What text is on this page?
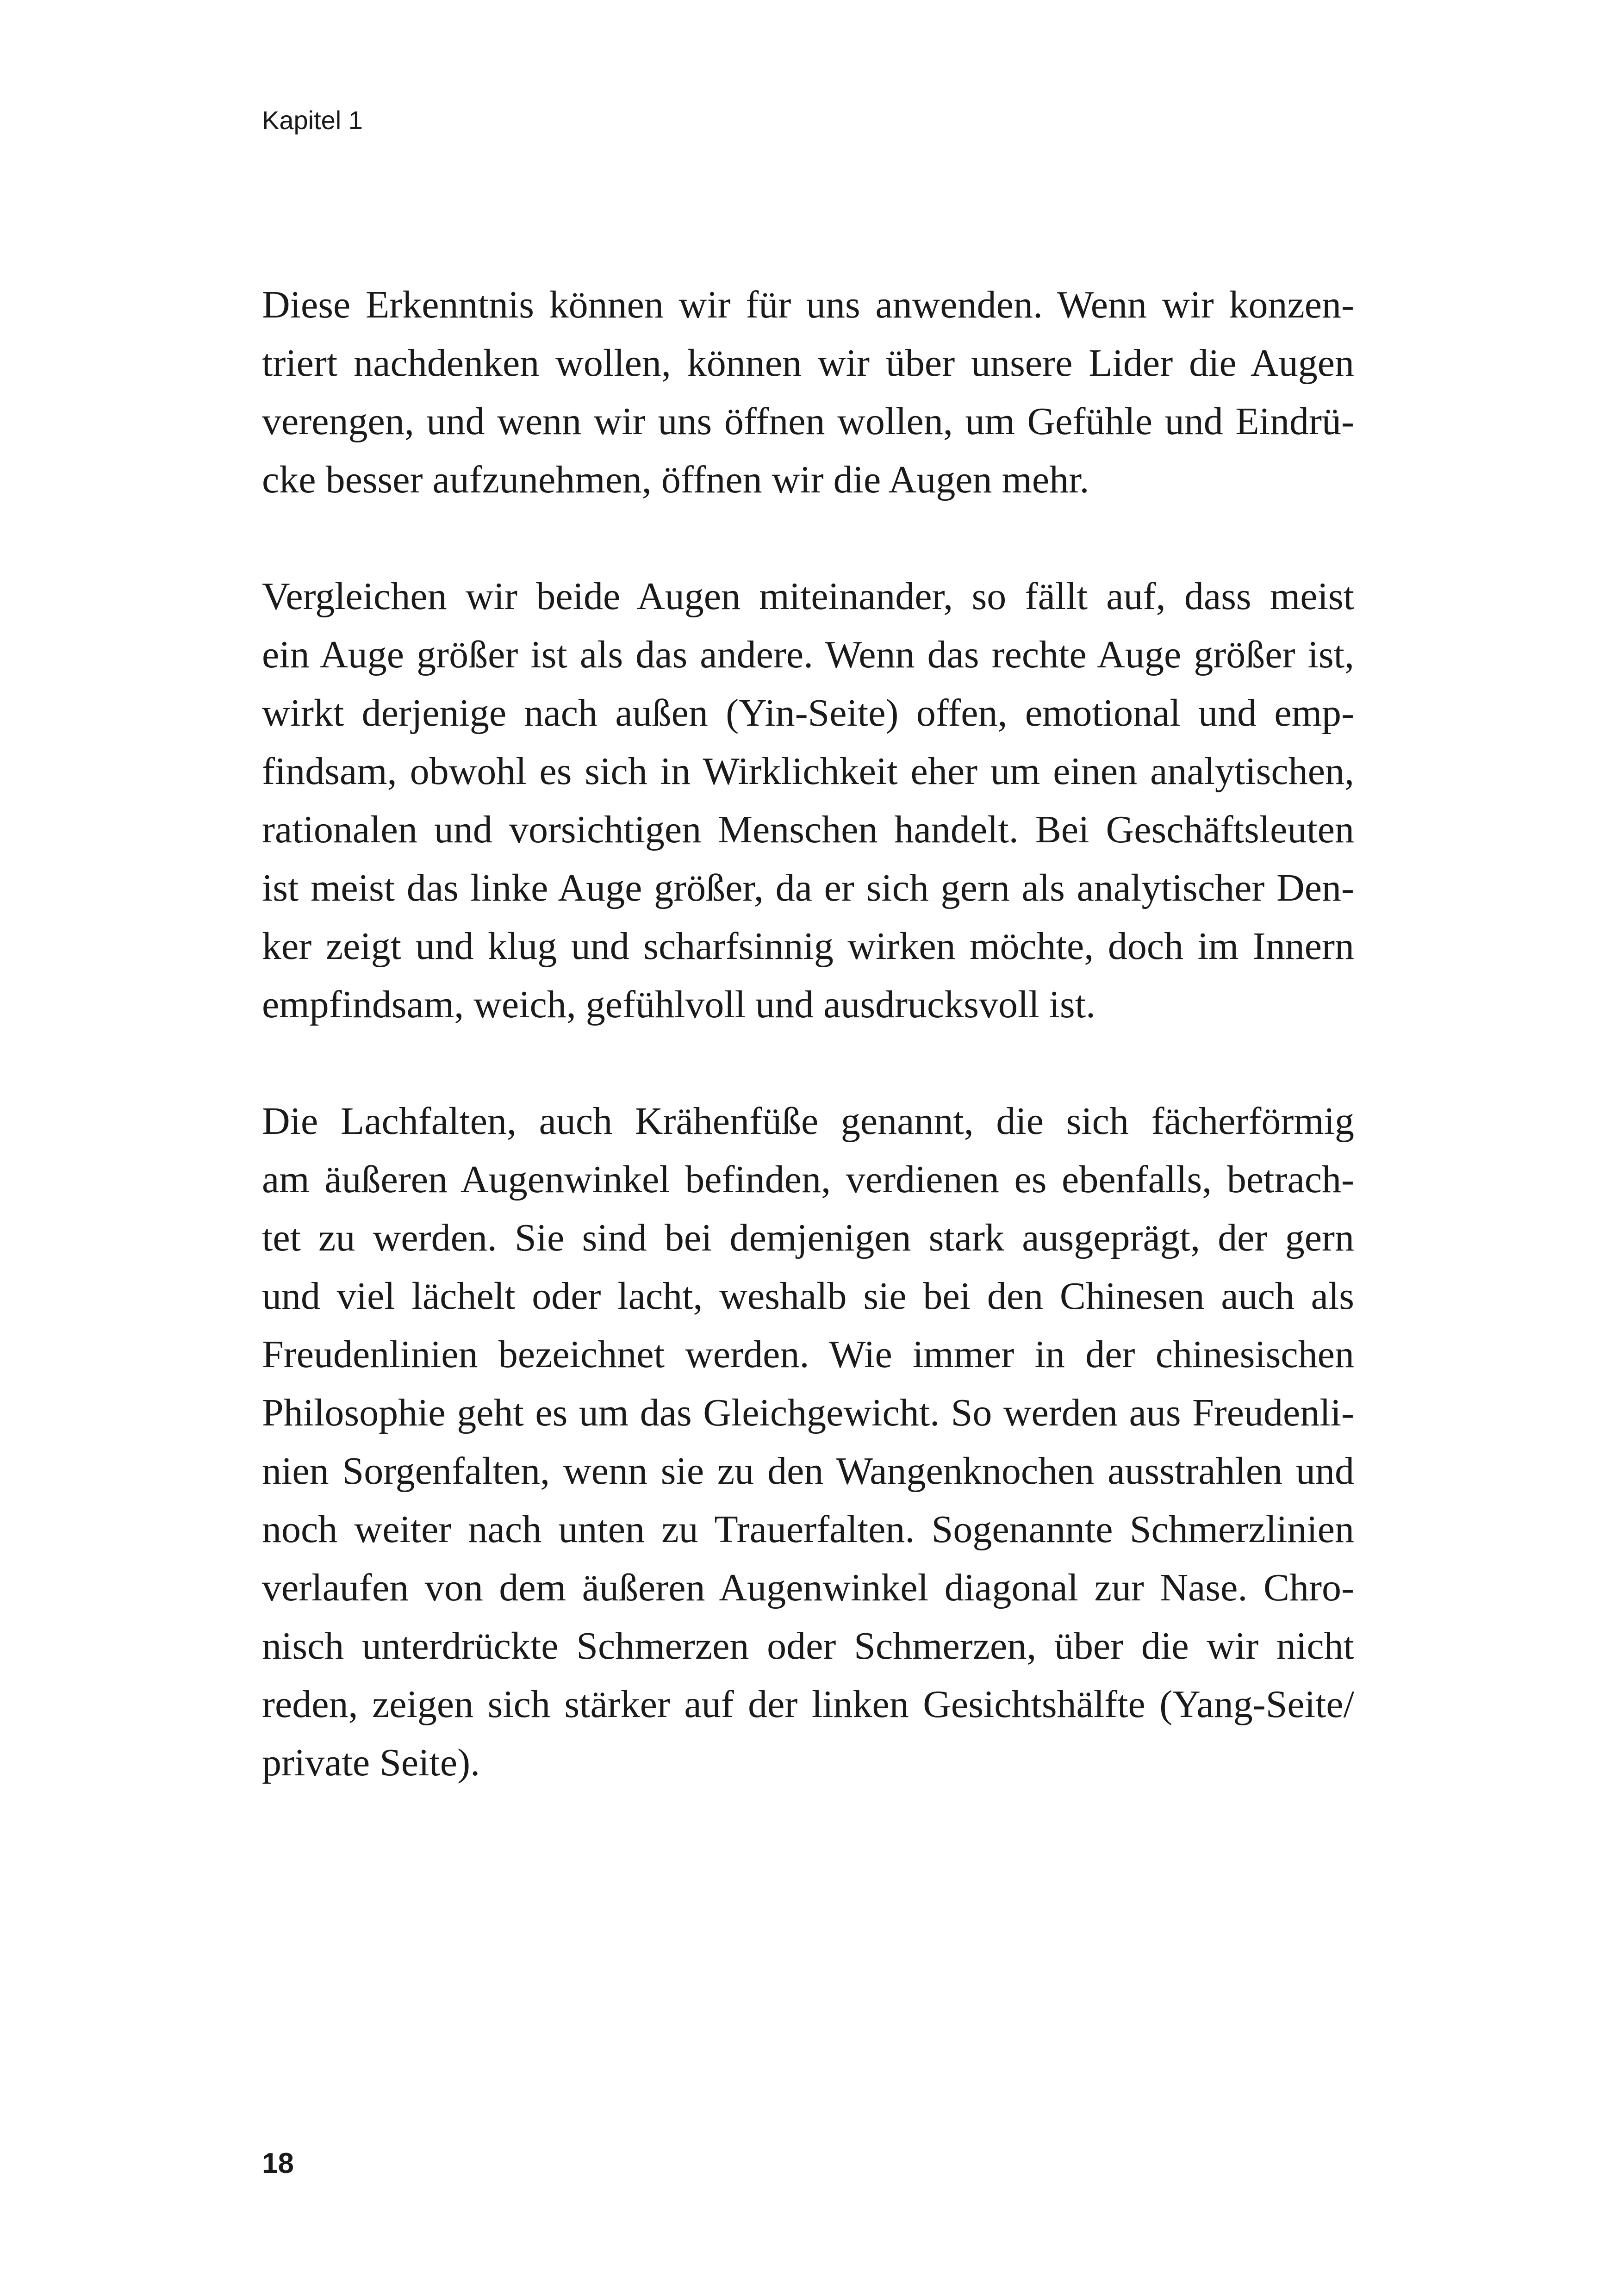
Kapitel 1

Diese Erkenntnis können wir für uns anwenden. Wenn wir konzen-
triert nachdenken wollen, können wir über unsere Lider die Augen
verengen, und wenn wir uns öffnen wollen, um Gefühle und Eindrü-
cke besser aufzunehmen, öffnen wir die Augen mehr.

Vergleichen wir beide Augen miteinander, so fällt auf, dass meist
ein Auge größer ist als das andere. Wenn das rechte Auge größer ist,
wirkt derjenige nach außen (Yin-Seite) offen, emotional und emp-
findsam, obwohl es sich in Wirklichkeit eher um einen analytischen,
rationalen und vorsichtigen Menschen handelt. Bei Geschäftsleuten
ist meist das linke Auge größer, da er sich gern als analytischer Den-
ker zeigt und klug und scharfsinnig wirken möchte, doch im Innern
empfindsam, weich, gefühlvoll und ausdrucksvoll ist.

Die Lachfalten, auch Krähenfüße genannt, die sich fächerförmig
am äußeren Augenwinkel befinden, verdienen es ebenfalls, betrach-
tet zu werden. Sie sind bei demjenigen stark ausgeprägt, der gern
und viel lächelt oder lacht, weshalb sie bei den Chinesen auch als
Freudenlinien bezeichnet werden. Wie immer in der chinesischen
Philosophie geht es um das Gleichgewicht. So werden aus Freudenli-
nien Sorgenfalten, wenn sie zu den Wangenknochen ausstrahlen und
noch weiter nach unten zu Trauerfalten. Sogenannte Schmerzlinien
verlaufen von dem äußeren Augenwinkel diagonal zur Nase. Chro-
nisch unterdrückte Schmerzen oder Schmerzen, über die wir nicht
reden, zeigen sich stärker auf der linken Gesichtshälfte (Yang-Seite/
private Seite).

18
